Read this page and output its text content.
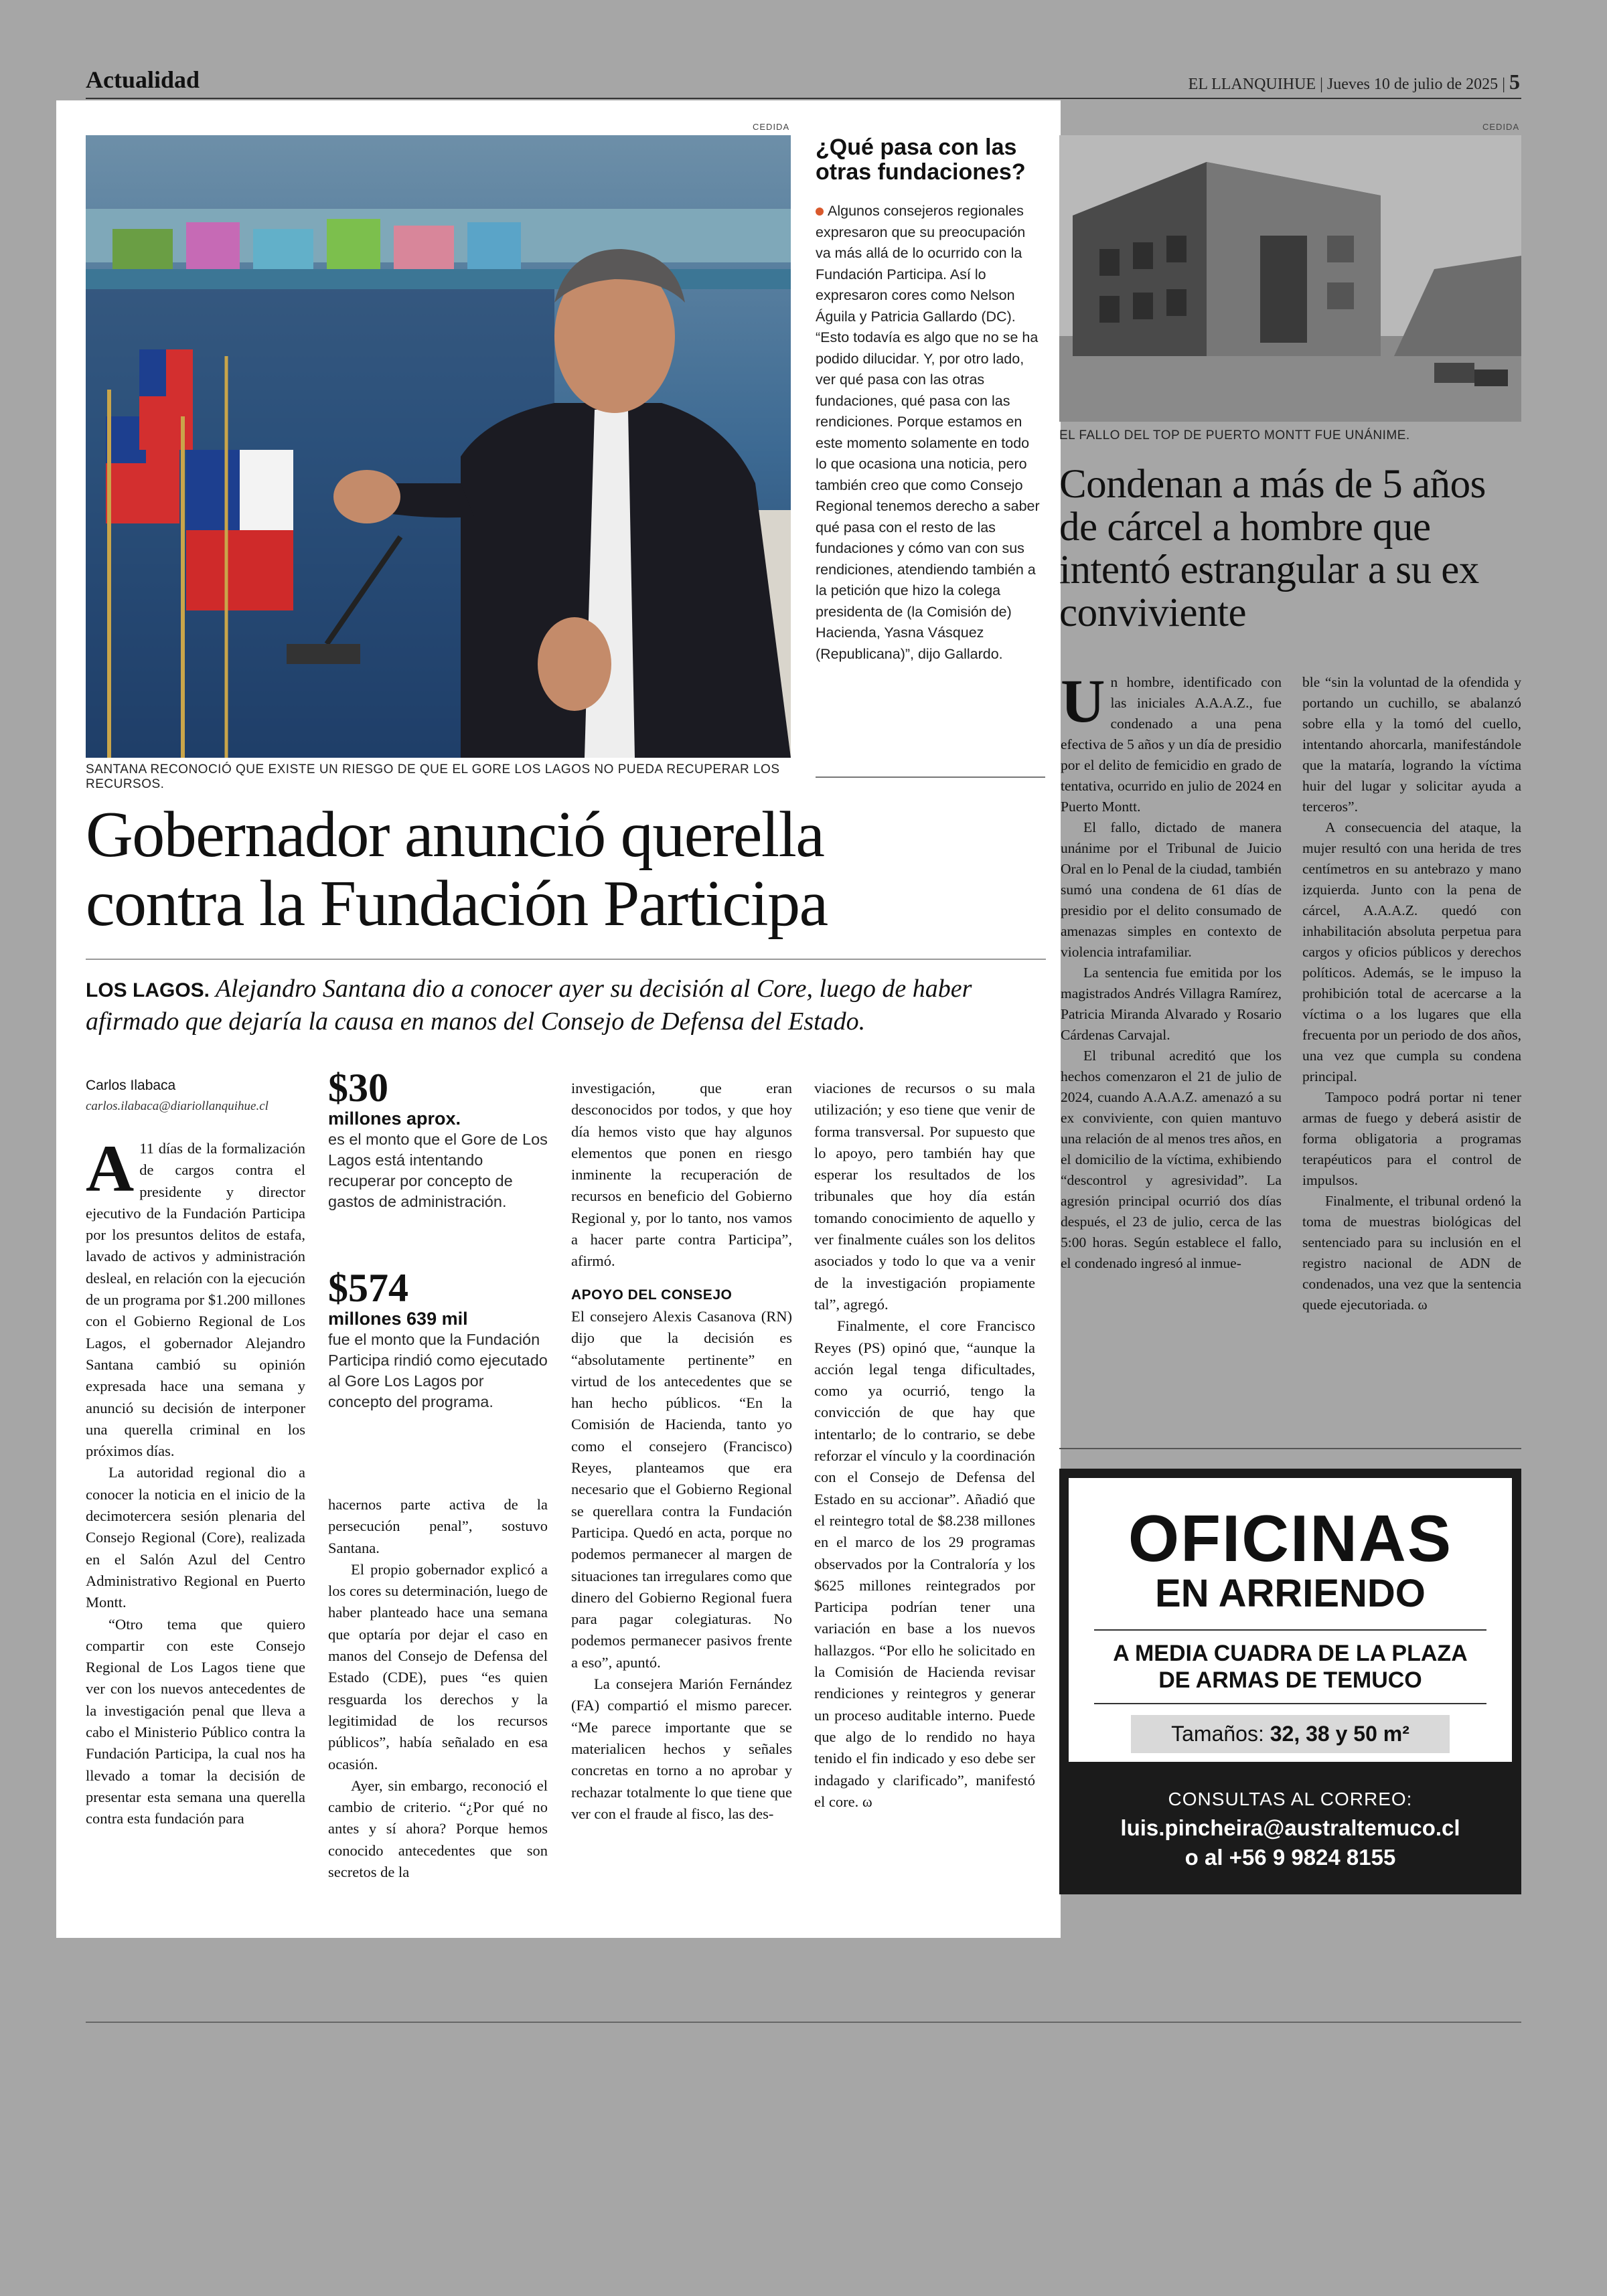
Actualidad	EL LLANQUIHUE | Jueves 10 de julio de 2025 | 5
CEDIDA
SANTANA RECONOCIÓ QUE EXISTE UN RIESGO DE QUE EL GORE LOS LAGOS NO PUEDA RECUPERAR LOS RECURSOS.
¿Qué pasa con las otras fundaciones?
Algunos consejeros regionales expresaron que su preocupación va más allá de lo ocurrido con la Fundación Participa. Así lo expresaron cores como Nelson Águila y Patricia Gallardo (DC). “Esto todavía es algo que no se ha podido dilucidar. Y, por otro lado, ver qué pasa con las otras fundaciones, qué pasa con las rendiciones. Porque estamos en este momento solamente en todo lo que ocasiona una noticia, pero también creo que como Consejo Regional tenemos derecho a saber qué pasa con el resto de las fundaciones y cómo van con sus rendiciones, atendiendo también a la petición que hizo la colega presidenta de (la Comisión de) Hacienda, Yasna Vásquez (Republicana)”, dijo Gallardo.
Gobernador anunció querella
contra la Fundación Participa
LOS LAGOS. Alejandro Santana dio a conocer ayer su decisión al Core, luego de haber afirmado que dejaría la causa en manos del Consejo de Defensa del Estado.
Carlos Ilabaca
carlos.ilabaca@diariollanquihue.cl

A 11 días de la formalización de cargos contra el presidente y director ejecutivo de la Fundación Participa por los presuntos delitos de estafa, lavado de activos y administración desleal, en relación con la ejecución de un programa por $1.200 millones con el Gobierno Regional de Los Lagos, el gobernador Alejandro Santana cambió su opinión expresada hace una semana y anunció su decisión de interponer una querella criminal en los próximos días.

La autoridad regional dio a conocer la noticia en el inicio de la decimotercera sesión plenaria del Consejo Regional (Core), realizada en el Salón Azul del Centro Administrativo Regional en Puerto Montt.

“Otro tema que quiero compartir con este Consejo Regional de Los Lagos tiene que ver con los nuevos antecedentes de la investigación penal que lleva a cabo el Ministerio Público contra la Fundación Participa, la cual nos ha llevado a tomar la decisión de presentar esta semana una querella contra esta fundación para

$30
millones aprox.
es el monto que el Gore de Los Lagos está intentando recuperar por concepto de gastos de administración.
$574
millones 639 mil
fue el monto que la Fundación Participa rindió como ejecutado al Gore Los Lagos por concepto del programa.

hacernos parte activa de la persecución penal”, sostuvo Santana.

El propio gobernador explicó a los cores su determinación, luego de haber planteado hace una semana que optaría por dejar el caso en manos del Consejo de Defensa del Estado (CDE), pues “es quien resguarda los derechos y la legitimidad de los recursos públicos”, había señalado en esa ocasión.

Ayer, sin embargo, reconoció el cambio de criterio. “¿Por qué no antes y sí ahora? Porque hemos conocido antecedentes que son secretos de la

investigación, que eran desconocidos por todos, y que hoy día hemos visto que hay algunos elementos que ponen en riesgo inminente la recuperación de recursos en beneficio del Gobierno Regional y, por lo tanto, nos vamos a hacer parte contra Participa”, afirmó.

APOYO DEL CONSEJO

El consejero Alexis Casanova (RN) dijo que la decisión es “absolutamente pertinente” en virtud de los antecedentes que se han hecho públicos. “En la Comisión de Hacienda, tanto yo como el consejero (Francisco) Reyes, planteamos que era necesario que el Gobierno Regional se querellara contra la Fundación Participa. Quedó en acta, porque no podemos permanecer al margen de situaciones tan irregulares como que dinero del Gobierno Regional fuera para pagar colegiaturas. No podemos permanecer pasivos frente a eso”, apuntó.

La consejera Marión Fernández (FA) compartió el mismo parecer. “Me parece importante que se materialicen hechos y señales concretas en torno a no aprobar y rechazar totalmente lo que tiene que ver con el fraude al fisco, las des-

viaciones de recursos o su mala utilización; y eso tiene que venir de forma transversal. Por supuesto que lo apoyo, pero también hay que esperar los resultados de los tribunales que hoy día están tomando conocimiento de aquello y ver finalmente cuáles son los delitos asociados y todo lo que va a venir de la investigación propiamente tal”, agregó.

Finalmente, el core Francisco Reyes (PS) opinó que, “aunque la acción legal tenga dificultades, como ya ocurrió, tengo la convicción de que hay que intentarlo; de lo contrario, se debe reforzar el vínculo y la coordinación con el Consejo de Defensa del Estado en su accionar”. Añadió que el reintegro total de $8.238 millones en el marco de los 29 programas observados por la Contraloría y los $625 millones reintegrados por Participa podrían tener una variación en base a los nuevos hallazgos. “Por ello he solicitado en la Comisión de Hacienda revisar rendiciones y reintegros y generar un proceso auditable interno. Puede que algo de lo rendido no haya tenido el fin indicado y eso debe ser indagado y clarificado”, manifestó el core. ω

CEDIDA
EL FALLO DEL TOP DE PUERTO MONTT FUE UNÁNIME.
Condenan a más de 5 años de cárcel a hombre que intentó estrangular a su ex conviviente

Un hombre, identificado con las iniciales A.A.A.Z., fue condenado a una pena efectiva de 5 años y un día de presidio por el delito de femicidio en grado de tentativa, ocurrido en julio de 2024 en Puerto Montt.

El fallo, dictado de manera unánime por el Tribunal de Juicio Oral en lo Penal de la ciudad, también sumó una condena de 61 días de presidio por el delito consumado de amenazas simples en contexto de violencia intrafamiliar.

La sentencia fue emitida por los magistrados Andrés Villagra Ramírez, Patricia Miranda Alvarado y Rosario Cárdenas Carvajal.

El tribunal acreditó que los hechos comenzaron el 21 de julio de 2024, cuando A.A.A.Z. amenazó a su ex conviviente, con quien mantuvo una relación de al menos tres años, en el domicilio de la víctima, exhibiendo “descontrol y agresividad”. La agresión principal ocurrió dos días después, el 23 de julio, cerca de las 5:00 horas. Según establece el fallo, el condenado ingresó al inmue-

ble “sin la voluntad de la ofendida y portando un cuchillo, se abalanzó sobre ella y la tomó del cuello, intentando ahorcarla, manifestándole que la mataría, logrando la víctima huir del lugar y solicitar ayuda a terceros”.

A consecuencia del ataque, la mujer resultó con una herida de tres centímetros en su antebrazo y mano izquierda. Junto con la pena de cárcel, A.A.A.Z. quedó con inhabilitación absoluta perpetua para cargos y oficios públicos y derechos políticos. Además, se le impuso la prohibición total de acercarse a la víctima o a los lugares que ella frecuenta por un periodo de dos años, una vez que cumpla su condena principal.

Tampoco podrá portar ni tener armas de fuego y deberá asistir de forma obligatoria a programas terapéuticos para el control de impulsos.

Finalmente, el tribunal ordenó la toma de muestras biológicas del sentenciado para su inclusión en el registro nacional de ADN de condenados, una vez que la sentencia quede ejecutoriada. ω

OFICINAS
EN ARRIENDO
A MEDIA CUADRA DE LA PLAZA
DE ARMAS DE TEMUCO
Tamaños: 32, 38 y 50 m²
CONSULTAS AL CORREO:
luis.pincheira@australtemuco.cl
o al +56 9 9824 8155
